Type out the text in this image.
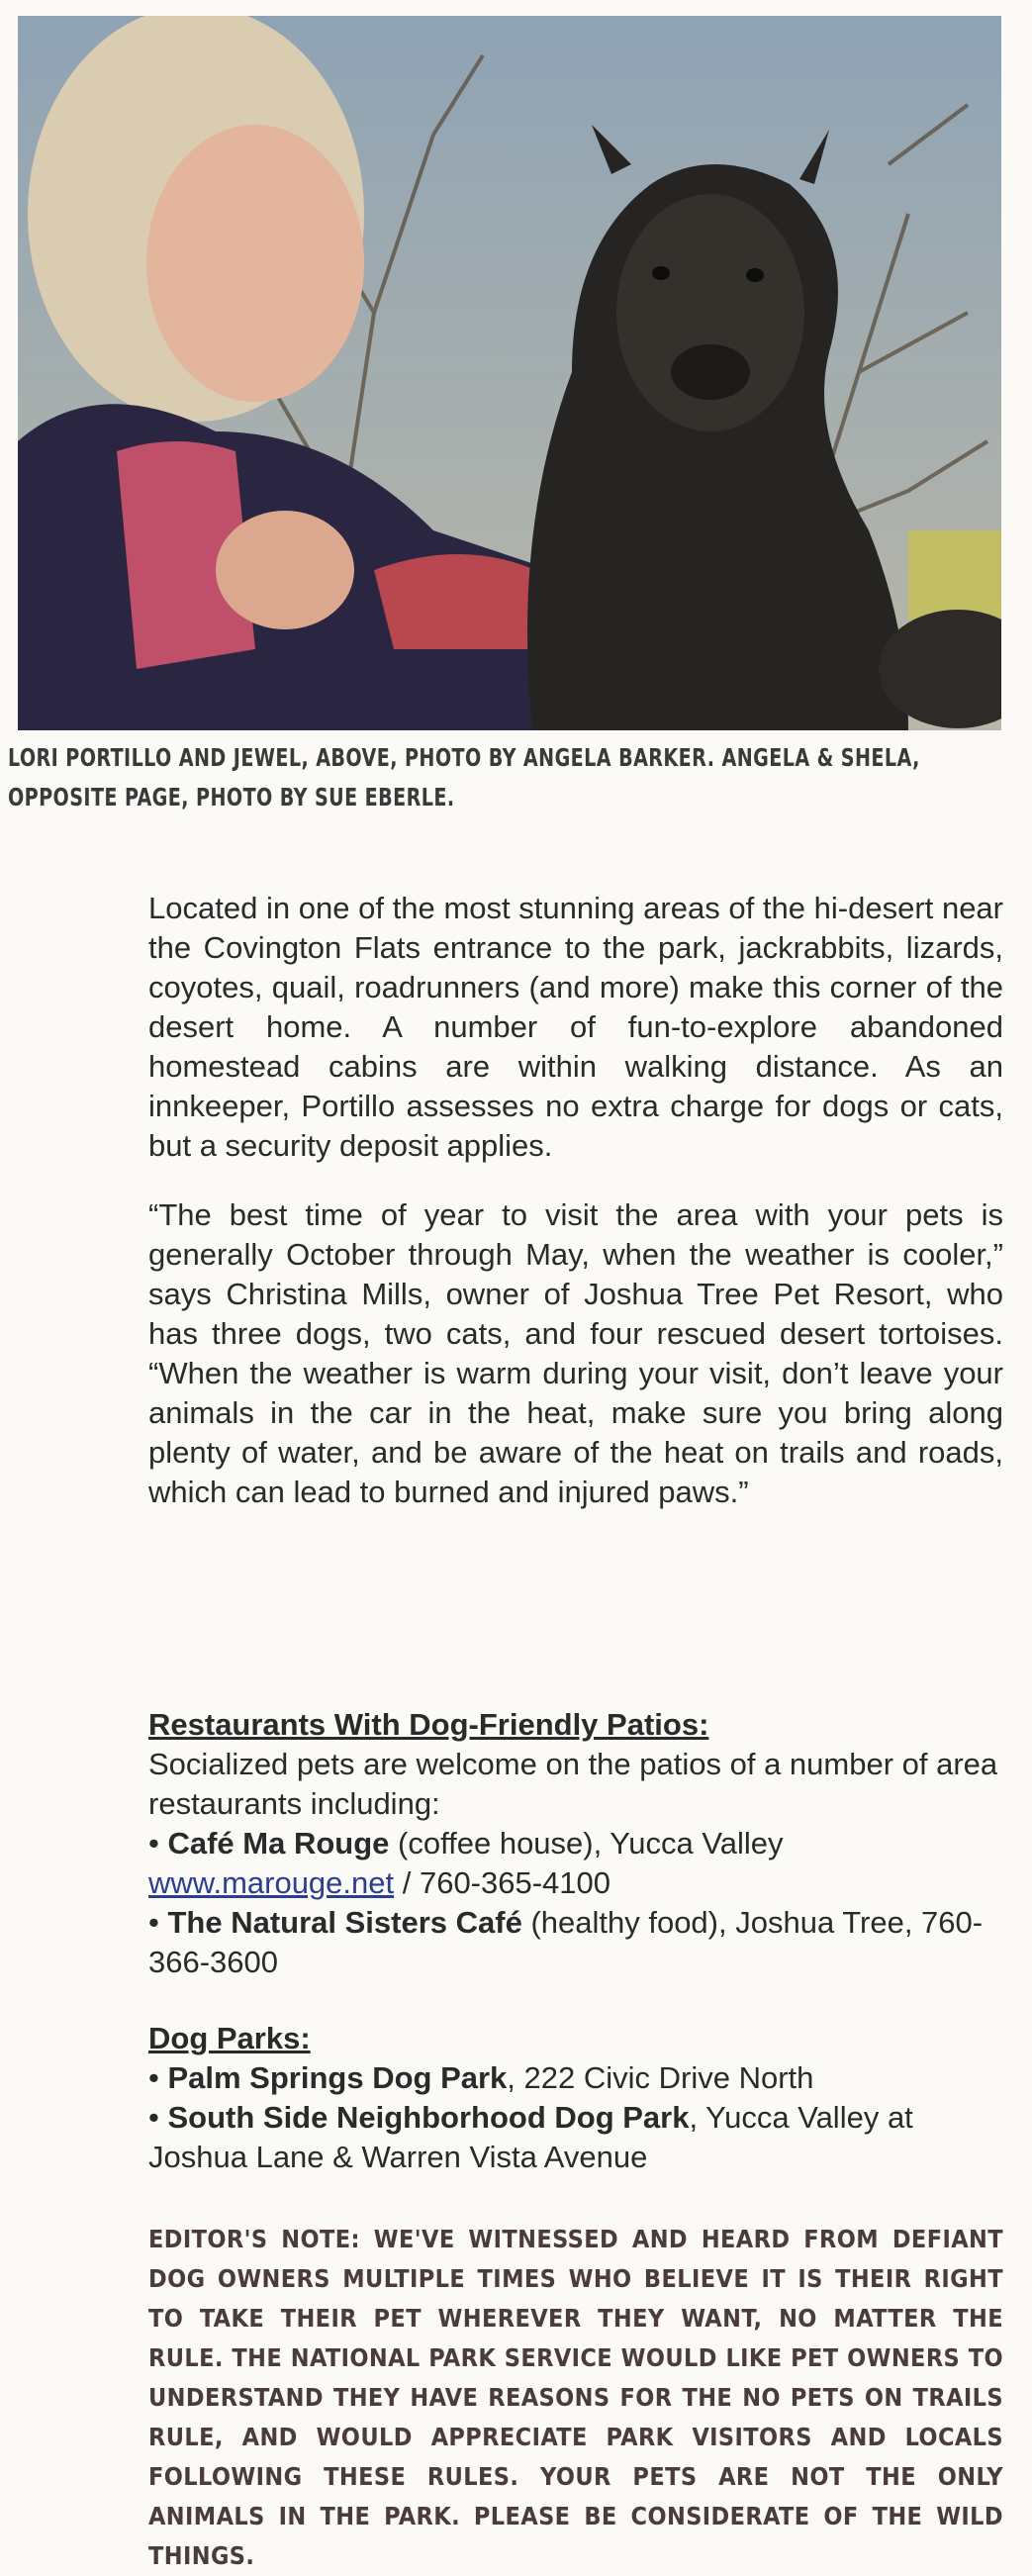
LORI PORTILLO AND JEWEL, ABOVE, PHOTO BY ANGELA BARKER. ANGELA & SHELA, OPPOSITE PAGE, PHOTO BY SUE EBERLE.

Located in one of the most stunning areas of the hi-desert near the Covington Flats entrance to the park, jackrabbits, lizards, coyotes, quail, roadrunners (and more) make this corner of the desert home. A number of fun-to-explore abandoned homestead cabins are within walking distance. As an innkeeper, Portillo assesses no extra charge for dogs or cats, but a security deposit applies.

“The best time of year to visit the area with your pets is generally October through May, when the weather is cooler,” says Christina Mills, owner of Joshua Tree Pet Resort, who has three dogs, two cats, and four rescued desert tortoises. “When the weather is warm during your visit, don’t leave your animals in the car in the heat, make sure you bring along plenty of water, and be aware of the heat on trails and roads, which can lead to burned and injured paws.”

Restaurants With Dog-Friendly Patios:
Socialized pets are welcome on the patios of a number of area restaurants including:
• Café Ma Rouge (coffee house), Yucca Valley
www.marouge.net / 760-365-4100
• The Natural Sisters Café (healthy food), Joshua Tree, 760-366-3600
Dog Parks:
• Palm Springs Dog Park, 222 Civic Drive North
• South Side Neighborhood Dog Park, Yucca Valley at Joshua Lane & Warren Vista Avenue
EDITOR'S NOTE: WE'VE WITNESSED AND HEARD FROM DEFIANT DOG OWNERS MULTIPLE TIMES WHO BELIEVE IT IS THEIR RIGHT TO TAKE THEIR PET WHEREVER THEY WANT, NO MATTER THE RULE. THE NATIONAL PARK SERVICE WOULD LIKE PET OWNERS TO UNDERSTAND THEY HAVE REASONS FOR THE NO PETS ON TRAILS RULE, AND WOULD APPRECIATE PARK VISITORS AND LOCALS FOLLOWING THESE RULES. YOUR PETS ARE NOT THE ONLY ANIMALS IN THE PARK. PLEASE BE CONSIDERATE OF THE WILD THINGS.
